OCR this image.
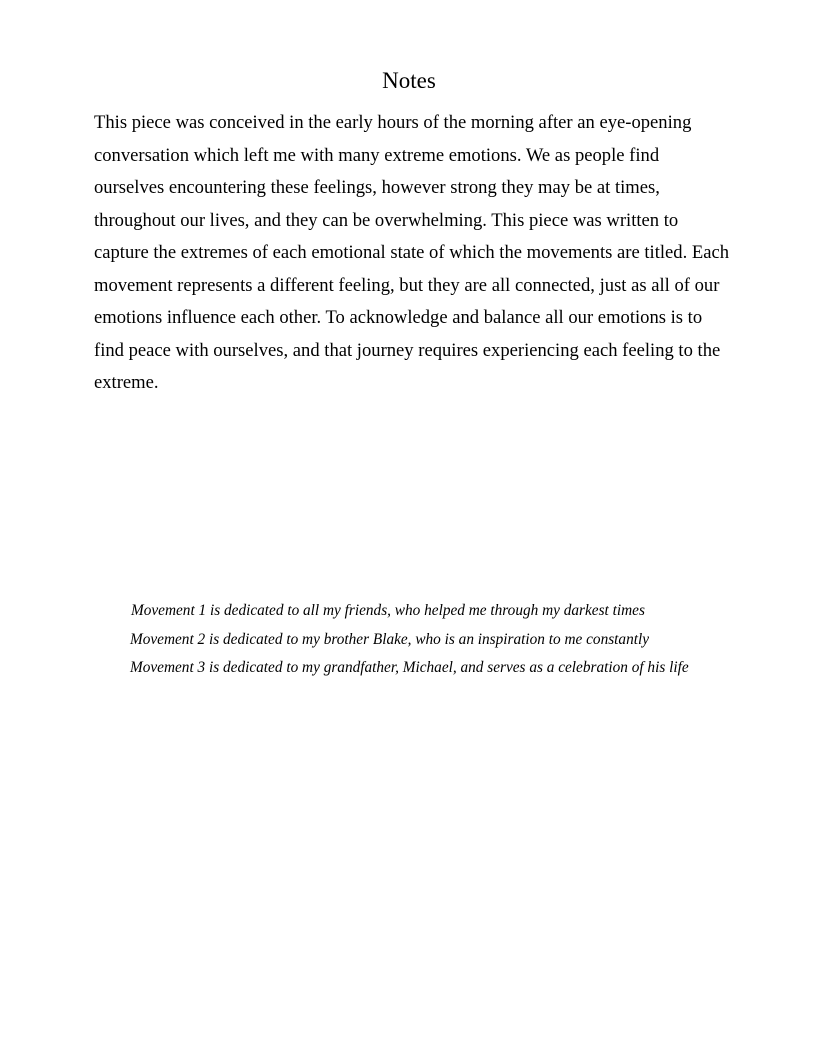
Notes

This piece was conceived in the early hours of the morning after an eye-opening conversation which left me with many extreme emotions. We as people find ourselves encountering these feelings, however strong they may be at times, throughout our lives, and they can be overwhelming. This piece was written to capture the extremes of each emotional state of which the movements are titled. Each movement represents a different feeling, but they are all connected, just as all of our emotions influence each other. To acknowledge and balance all our emotions is to find peace with ourselves, and that journey requires experiencing each feeling to the extreme.

Movement 1 is dedicated to all my friends, who helped me through my darkest times
Movement 2 is dedicated to my brother Blake, who is an inspiration to me constantly
Movement 3 is dedicated to my grandfather, Michael, and serves as a celebration of his life
